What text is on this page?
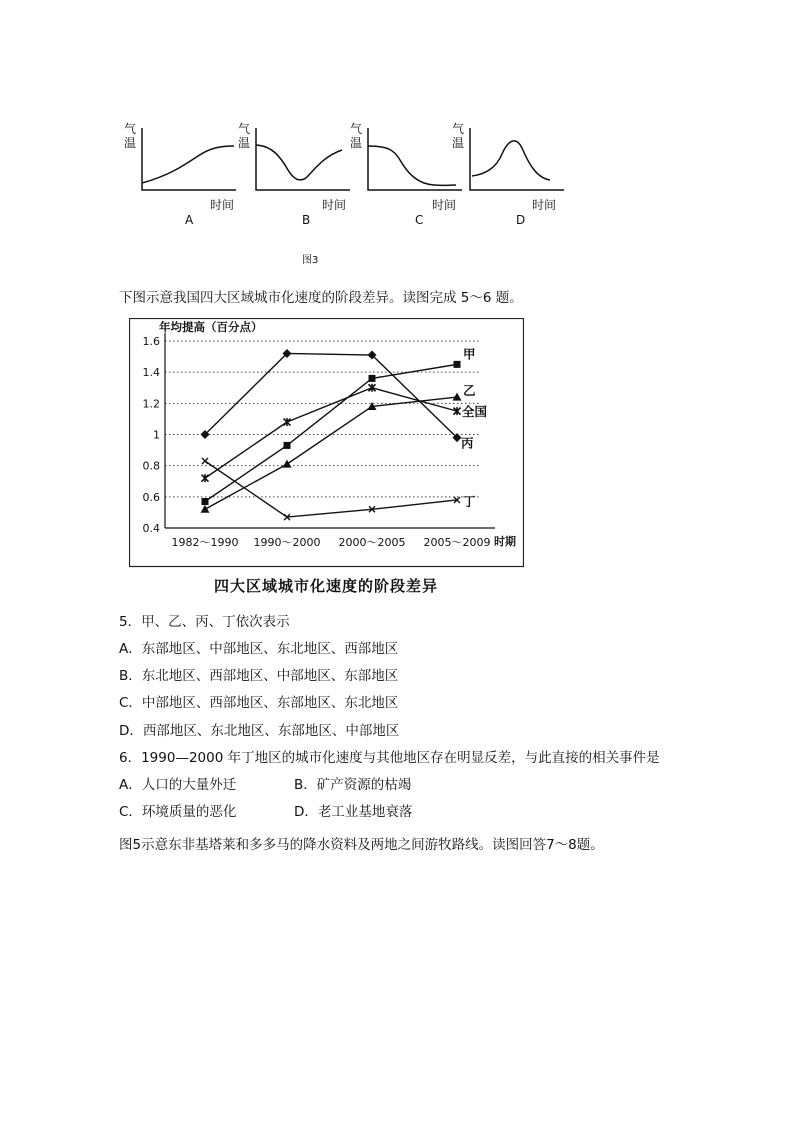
气
温
时间
A
气
温
时间
B
气
温
时间
C
气
温
时间
D
图3
下图示意我国四大区域城市化速度的阶段差异。读图完成 5～6 题。
0.4
0.6
0.8
1
1.2
1.4
1.6
年均提高（百分点）
1982～1990 1990～2000 2000～2005 2005～2009 时期
甲
乙
全国
丙
丁
四大区域城市化速度的阶段差异
5．甲、乙、丙、丁依次表示
A．东部地区、中部地区、东北地区、西部地区
B．东北地区、西部地区、中部地区、东部地区
C．中部地区、西部地区、东部地区、东北地区
D．西部地区、东北地区、东部地区、中部地区
6．1990—2000 年丁地区的城市化速度与其他地区存在明显反差，与此直接的相关事件是
A．人口的大量外迁	B．矿产资源的枯竭
C．环境质量的恶化	D．老工业基地衰落
图5示意东非基塔莱和多多马的降水资料及两地之间游牧路线。读图回答7～8题。
